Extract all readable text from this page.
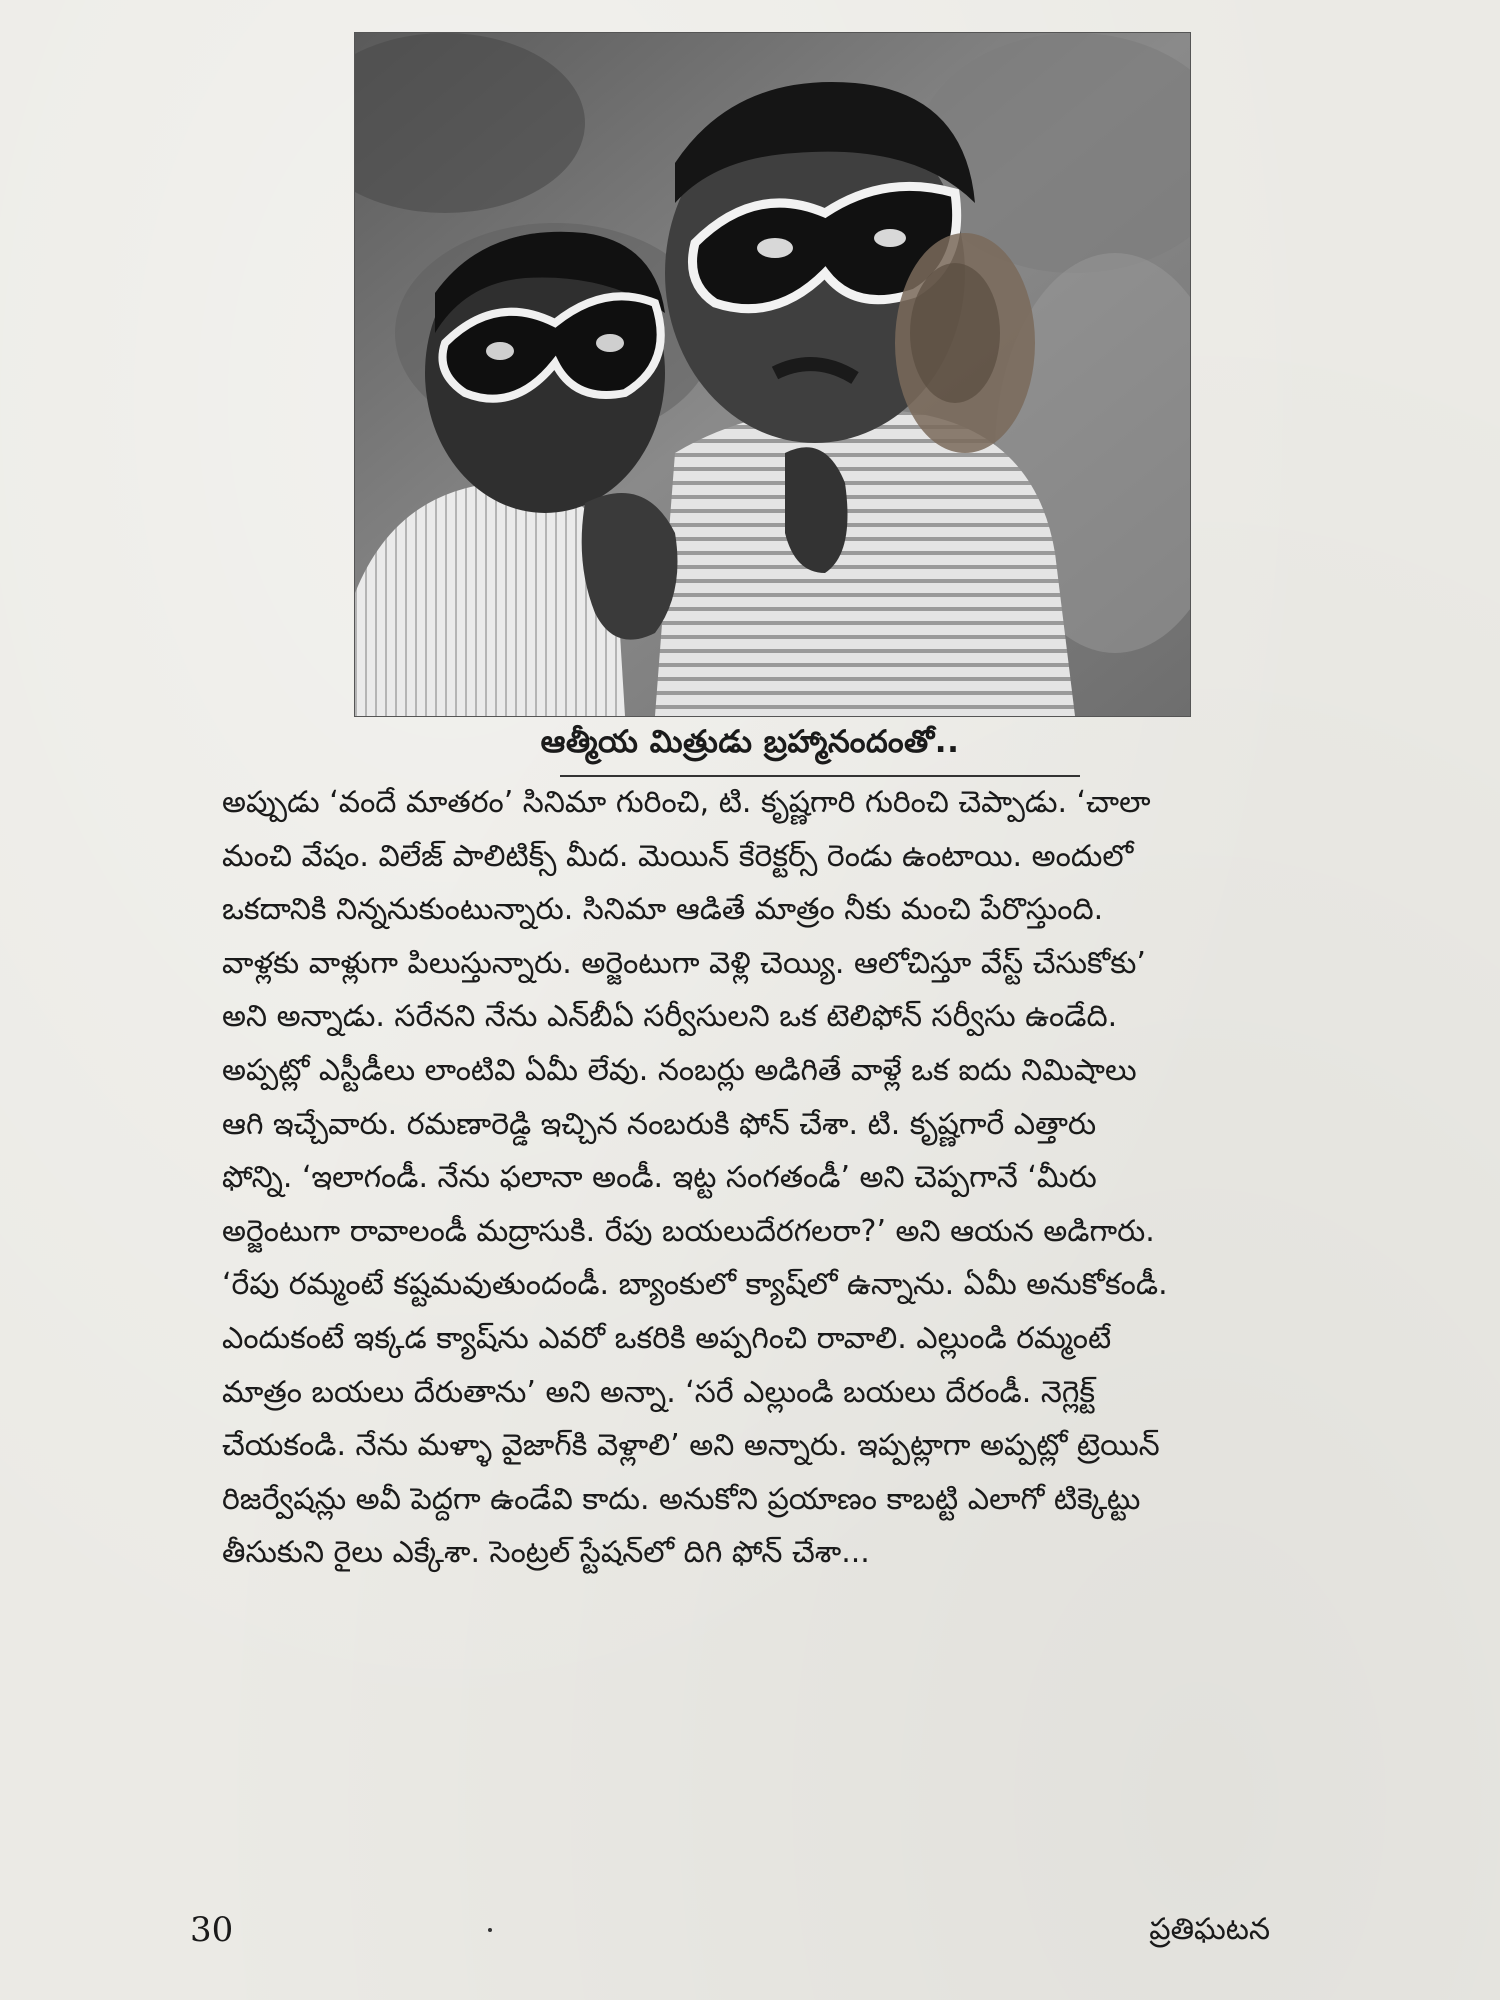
ఆత్మీయ మిత్రుడు బ్రహ్మానందంతో..
అప్పుడు ‘వందే మాతరం’ సినిమా గురించి, టి. కృష్ణగారి గురించి చెప్పాడు. ‘చాలా
మంచి వేషం. విలేజ్ పాలిటిక్స్ మీద. మెయిన్ కేరెక్టర్స్ రెండు ఉంటాయి. అందులో
ఒకదానికి నిన్ననుకుంటున్నారు. సినిమా ఆడితే మాత్రం నీకు మంచి పేరొస్తుంది.
వాళ్లకు వాళ్లుగా పిలుస్తున్నారు. అర్జెంటుగా వెళ్లి చెయ్యి. ఆలోచిస్తూ వేస్ట్ చేసుకోకు’
అని అన్నాడు. సరేనని నేను ఎన్‌బీఏ సర్వీసులని ఒక టెలిఫోన్ సర్వీసు ఉండేది.
అప్పట్లో ఎస్టీడీలు లాంటివి ఏమీ లేవు. నంబర్లు అడిగితే వాళ్లే ఒక ఐదు నిమిషాలు
ఆగి ఇచ్చేవారు. రమణారెడ్డి ఇచ్చిన నంబరుకి ఫోన్ చేశా. టి. కృష్ణగారే ఎత్తారు
ఫోన్ని. ‘ఇలాగండీ. నేను ఫలానా అండీ. ఇట్ట సంగతండీ’ అని చెప్పగానే ‘మీరు
అర్జెంటుగా రావాలండీ మద్రాసుకి. రేపు బయలుదేరగలరా?’ అని ఆయన అడిగారు.
‘రేపు రమ్మంటే కష్టమవుతుందండీ. బ్యాంకులో క్యాష్‌లో ఉన్నాను. ఏమీ అనుకోకండీ.
ఎందుకంటే ఇక్కడ క్యాష్‌ను ఎవరో ఒకరికి అప్పగించి రావాలి. ఎల్లుండి రమ్మంటే
మాత్రం బయలు దేరుతాను’ అని అన్నా. ‘సరే ఎల్లుండి బయలు దేరండీ. నెగ్లెక్ట్
చేయకండి. నేను మళ్ళా వైజాగ్‌కి వెళ్లాలి’ అని అన్నారు. ఇప్పట్లాగా అప్పట్లో ట్రెయిన్
రిజర్వేషన్లు అవీ పెద్దగా ఉండేవి కాదు. అనుకోని ప్రయాణం కాబట్టి ఎలాగో టిక్కెట్టు
తీసుకుని రైలు ఎక్కేశా. సెంట్రల్ స్టేషన్‌లో దిగి ఫోన్ చేశా...
30	ప్రతిఘటన
